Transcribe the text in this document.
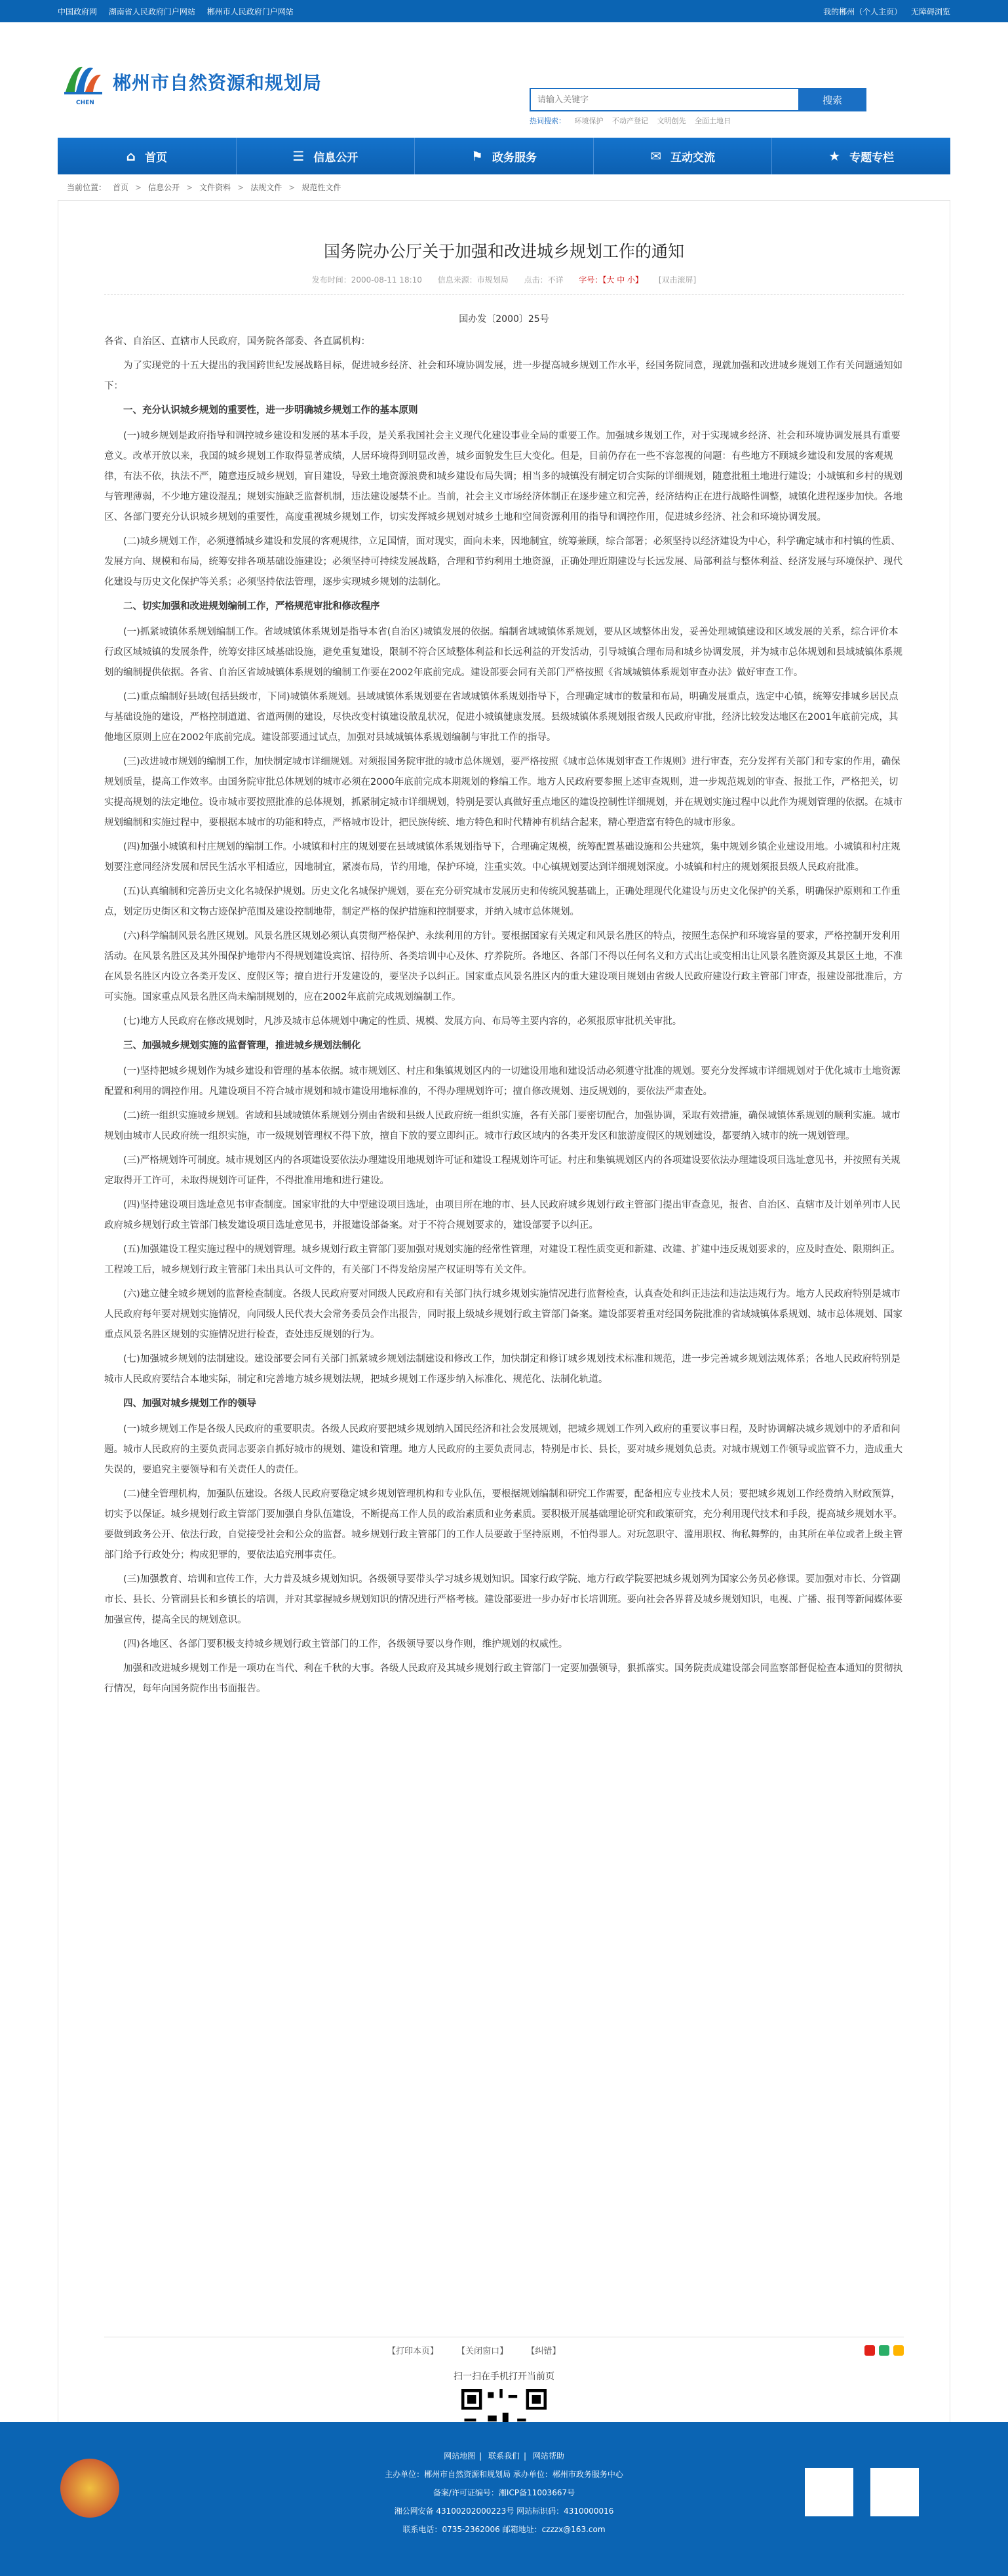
中国政府网 湖南省人民政府门户网站 郴州市人民政府门户网站	我的郴州（个人主页） 无障碍浏览
CHEN
郴州市自然资源和规划局
请输入关键字
搜索
热词搜索： 环境保护 不动产登记 文明创先 全面土地日
⌂ 首页	☰ 信息公开	⚑ 政务服务	✉ 互动交流	★ 专题专栏
当前位置： 首页 > 信息公开 > 文件资料 > 法规文件 > 规范性文件
国务院办公厅关于加强和改进城乡规划工作的通知
发布时间：2000-08-11 18:10 信息来源：市规划局 点击：不详 字号：【大 中 小】 [双击滚屏]
国办发〔2000〕25号

各省、自治区、直辖市人民政府，国务院各部委、各直属机构：

为了实现党的十五大提出的我国跨世纪发展战略目标，促进城乡经济、社会和环境协调发展，进一步提高城乡规划工作水平，经国务院同意，现就加强和改进城乡规划工作有关问题通知如下：

一、充分认识城乡规划的重要性，进一步明确城乡规划工作的基本原则

(一)城乡规划是政府指导和调控城乡建设和发展的基本手段，是关系我国社会主义现代化建设事业全局的重要工作。加强城乡规划工作，对于实现城乡经济、社会和环境协调发展具有重要意义。改革开放以来，我国的城乡规划工作取得显著成绩，人居环境得到明显改善，城乡面貌发生巨大变化。但是，目前仍存在一些不容忽视的问题：有些地方不顾城乡建设和发展的客观规律，有法不依，执法不严，随意违反城乡规划，盲目建设，导致土地资源浪费和城乡建设布局失调；相当多的城镇没有制定切合实际的详细规划，随意批租土地进行建设；小城镇和乡村的规划与管理薄弱，不少地方建设混乱；规划实施缺乏监督机制，违法建设屡禁不止。当前，社会主义市场经济体制正在逐步建立和完善，经济结构正在进行战略性调整，城镇化进程逐步加快。各地区、各部门要充分认识城乡规划的重要性，高度重视城乡规划工作，切实发挥城乡规划对城乡土地和空间资源利用的指导和调控作用，促进城乡经济、社会和环境协调发展。

(二)城乡规划工作，必须遵循城乡建设和发展的客观规律，立足国情，面对现实，面向未来，因地制宜，统筹兼顾，综合部署；必须坚持以经济建设为中心，科学确定城市和村镇的性质、发展方向、规模和布局，统筹安排各项基础设施建设；必须坚持可持续发展战略，合理和节约利用土地资源，正确处理近期建设与长远发展、局部利益与整体利益、经济发展与环境保护、现代化建设与历史文化保护等关系；必须坚持依法管理，逐步实现城乡规划的法制化。

二、切实加强和改进规划编制工作，严格规范审批和修改程序

(一)抓紧城镇体系规划编制工作。省域城镇体系规划是指导本省(自治区)城镇发展的依据。编制省域城镇体系规划，要从区域整体出发，妥善处理城镇建设和区域发展的关系，综合评价本行政区域城镇的发展条件，统筹安排区域基础设施，避免重复建设，限制不符合区域整体利益和长远利益的开发活动，引导城镇合理布局和城乡协调发展，并为城市总体规划和县域城镇体系规划的编制提供依据。各省、自治区省域城镇体系规划的编制工作要在2002年底前完成。建设部要会同有关部门严格按照《省域城镇体系规划审查办法》做好审查工作。

(二)重点编制好县域(包括县级市，下同)城镇体系规划。县域城镇体系规划要在省域城镇体系规划指导下，合理确定城市的数量和布局，明确发展重点，选定中心镇，统筹安排城乡居民点与基础设施的建设，严格控制道道、省道两侧的建设，尽快改变村镇建设散乱状况，促进小城镇健康发展。县级城镇体系规划报省级人民政府审批，经济比较发达地区在2001年底前完成，其他地区原则上应在2002年底前完成。建设部要通过试点，加强对县域城镇体系规划编制与审批工作的指导。

(三)改进城市规划的编制工作，加快制定城市详细规划。对须报国务院审批的城市总体规划，要严格按照《城市总体规划审查工作规则》进行审查，充分发挥有关部门和专家的作用，确保规划质量，提高工作效率。由国务院审批总体规划的城市必须在2000年底前完成本期规划的修编工作。地方人民政府要参照上述审查规则，进一步规范规划的审查、报批工作，严格把关，切实提高规划的法定地位。设市城市要按照批准的总体规划，抓紧制定城市详细规划，特别是要认真做好重点地区的建设控制性详细规划，并在规划实施过程中以此作为规划管理的依据。在城市规划编制和实施过程中，要根据本城市的功能和特点，严格城市设计，把民族传统、地方特色和时代精神有机结合起来，精心塑造富有特色的城市形象。

(四)加强小城镇和村庄规划的编制工作。小城镇和村庄的规划要在县域城镇体系规划指导下，合理确定规模，统筹配置基础设施和公共建筑，集中规划乡镇企业建设用地。小城镇和村庄规划要注意同经济发展和居民生活水平相适应，因地制宜，紧凑布局，节约用地，保护环境，注重实效。中心镇规划要达到详细规划深度。小城镇和村庄的规划须报县级人民政府批准。

(五)认真编制和完善历史文化名城保护规划。历史文化名城保护规划，要在充分研究城市发展历史和传统风貌基础上，正确处理现代化建设与历史文化保护的关系，明确保护原则和工作重点，划定历史街区和文物古迹保护范围及建设控制地带，制定严格的保护措施和控制要求，并纳入城市总体规划。

(六)科学编制风景名胜区规划。风景名胜区规划必须认真贯彻严格保护、永续利用的方针。要根据国家有关规定和风景名胜区的特点，按照生态保护和环境容量的要求，严格控制开发利用活动。在风景名胜区及其外围保护地带内不得规划建设宾馆、招待所、各类培训中心及休、疗养院所。各地区、各部门不得以任何名义和方式出让或变相出让风景名胜资源及其景区土地，不准在风景名胜区内设立各类开发区、度假区等；擅自进行开发建设的，要坚决予以纠正。国家重点风景名胜区内的重大建设项目规划由省级人民政府建设行政主管部门审查，报建设部批准后，方可实施。国家重点风景名胜区尚未编制规划的，应在2002年底前完成规划编制工作。

(七)地方人民政府在修改规划时，凡涉及城市总体规划中确定的性质、规模、发展方向、布局等主要内容的，必须报原审批机关审批。

三、加强城乡规划实施的监督管理，推进城乡规划法制化

(一)坚持把城乡规划作为城乡建设和管理的基本依据。城市规划区、村庄和集镇规划区内的一切建设用地和建设活动必须遵守批准的规划。要充分发挥城市详细规划对于优化城市土地资源配置和利用的调控作用。凡建设项目不符合城市规划和城市建设用地标准的，不得办理规划许可；擅自修改规划、违反规划的，要依法严肃查处。

(二)统一组织实施城乡规划。省域和县域城镇体系规划分别由省级和县级人民政府统一组织实施，各有关部门要密切配合，加强协调，采取有效措施，确保城镇体系规划的顺利实施。城市规划由城市人民政府统一组织实施，市一级规划管理权不得下放，擅自下放的要立即纠正。城市行政区域内的各类开发区和旅游度假区的规划建设，都要纳入城市的统一规划管理。

(三)严格规划许可制度。城市规划区内的各项建设要依法办理建设用地规划许可证和建设工程规划许可证。村庄和集镇规划区内的各项建设要依法办理建设项目选址意见书，并按照有关规定取得开工许可，未取得规划许可证件，不得批准用地和进行建设。

(四)坚持建设项目选址意见书审查制度。国家审批的大中型建设项目选址，由项目所在地的市、县人民政府城乡规划行政主管部门提出审查意见，报省、自治区、直辖市及计划单列市人民政府城乡规划行政主管部门核发建设项目选址意见书，并报建设部备案。对于不符合规划要求的，建设部要予以纠正。

(五)加强建设工程实施过程中的规划管理。城乡规划行政主管部门要加强对规划实施的经常性管理，对建设工程性质变更和新建、改建、扩建中违反规划要求的，应及时查处、限期纠正。工程竣工后，城乡规划行政主管部门未出具认可文件的，有关部门不得发给房屋产权证明等有关文件。

(六)建立健全城乡规划的监督检查制度。各级人民政府要对同级人民政府和有关部门执行城乡规划实施情况进行监督检查，认真查处和纠正违法和违法违规行为。地方人民政府特别是城市人民政府每年要对规划实施情况，向同级人民代表大会常务委员会作出报告，同时报上级城乡规划行政主管部门备案。建设部要着重对经国务院批准的省域城镇体系规划、城市总体规划、国家重点风景名胜区规划的实施情况进行检查，查处违反规划的行为。

(七)加强城乡规划的法制建设。建设部要会同有关部门抓紧城乡规划法制建设和修改工作，加快制定和修订城乡规划技术标准和规范，进一步完善城乡规划法规体系；各地人民政府特别是城市人民政府要结合本地实际，制定和完善地方城乡规划法规，把城乡规划工作逐步纳入标准化、规范化、法制化轨道。

四、加强对城乡规划工作的领导

(一)城乡规划工作是各级人民政府的重要职责。各级人民政府要把城乡规划纳入国民经济和社会发展规划，把城乡规划工作列入政府的重要议事日程，及时协调解决城乡规划中的矛盾和问题。城市人民政府的主要负责同志要亲自抓好城市的规划、建设和管理。地方人民政府的主要负责同志，特别是市长、县长，要对城乡规划负总责。对城市规划工作领导或监管不力，造成重大失误的，要追究主要领导和有关责任人的责任。

(二)健全管理机构，加强队伍建设。各级人民政府要稳定城乡规划管理机构和专业队伍，要根据规划编制和研究工作需要，配备相应专业技术人员；要把城乡规划工作经费纳入财政预算，切实予以保证。城乡规划行政主管部门要加强自身队伍建设，不断提高工作人员的政治素质和业务素质。要积极开展基础理论研究和政策研究，充分利用现代技术和手段，提高城乡规划水平。要做到政务公开、依法行政，自觉接受社会和公众的监督。城乡规划行政主管部门的工作人员要敢于坚持原则，不怕得罪人。对玩忽职守、滥用职权、徇私舞弊的，由其所在单位或者上级主管部门给予行政处分；构成犯罪的，要依法追究刑事责任。

(三)加强教育、培训和宣传工作，大力普及城乡规划知识。各级领导要带头学习城乡规划知识。国家行政学院、地方行政学院要把城乡规划列为国家公务员必修课。要加强对市长、分管副市长、县长、分管副县长和乡镇长的培训，并对其掌握城乡规划知识的情况进行严格考核。建设部要进一步办好市长培训班。要向社会各界普及城乡规划知识，电视、广播、报刊等新闻媒体要加强宣传，提高全民的规划意识。

(四)各地区、各部门要积极支持城乡规划行政主管部门的工作，各级领导要以身作则，维护规划的权威性。

加强和改进城乡规划工作是一项功在当代、利在千秋的大事。各级人民政府及其城乡规划行政主管部门一定要加强领导，狠抓落实。国务院责成建设部会同监察部督促检查本通知的贯彻执行情况，每年向国务院作出书面报告。

【打印本页】 【关闭窗口】 【纠错】
扫一扫在手机打开当前页
网站地图 | 联系我们 | 网站帮助
主办单位：郴州市自然资源和规划局 承办单位：郴州市政务服务中心
备案/许可证编号：湘ICP备11003667号
湘公网安备 43100202000223号 网站标识码：4310000016
联系电话：0735-2362006 邮箱地址：czzzx@163.com
